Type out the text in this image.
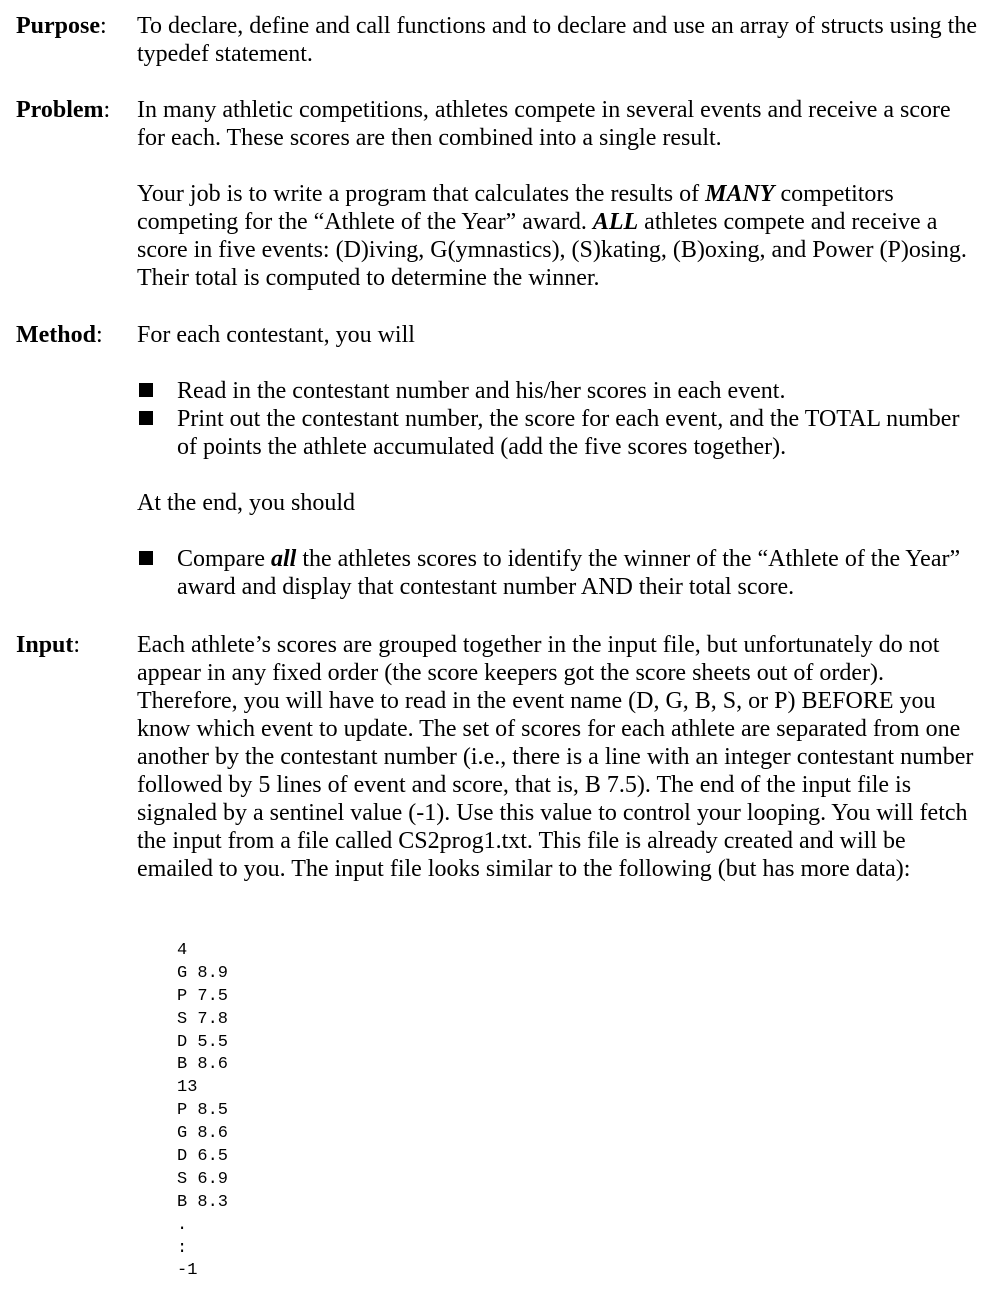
Purpose: To declare, define and call functions and to declare and use an array of structs using the typedef statement.

Problem: In many athletic competitions, athletes compete in several events and receive a score for each. These scores are then combined into a single result.

Your job is to write a program that calculates the results of MANY competitors competing for the “Athlete of the Year” award. ALL athletes compete and receive a score in five events: (D)iving, G(ymnastics), (S)kating, (B)oxing, and Power (P)osing. Their total is computed to determine the winner.

Method: For each contestant, you will

Read in the contestant number and his/her scores in each event.
Print out the contestant number, the score for each event, and the TOTAL number of points the athlete accumulated (add the five scores together).

At the end, you should

Compare all the athletes scores to identify the winner of the “Athlete of the Year” award and display that contestant number AND their total score.
Input: Each athlete’s scores are grouped together in the input file, but unfortunately do not appear in any fixed order (the score keepers got the score sheets out of order). Therefore, you will have to read in the event name (D, G, B, S, or P) BEFORE you know which event to update. The set of scores for each athlete are separated from one another by the contestant number (i.e., there is a line with an integer contestant number followed by 5 lines of event and score, that is, B 7.5). The end of the input file is signaled by a sentinel value (-1). Use this value to control your looping. You will fetch the input from a file called CS2prog1.txt. This file is already created and will be emailed to you. The input file looks similar to the following (but has more data):

4
G 8.9
P 7.5
S 7.8
D 5.5
B 8.6
13
P 8.5
G 8.6
D 6.5
S 6.9
B 8.3
.
:
-1
